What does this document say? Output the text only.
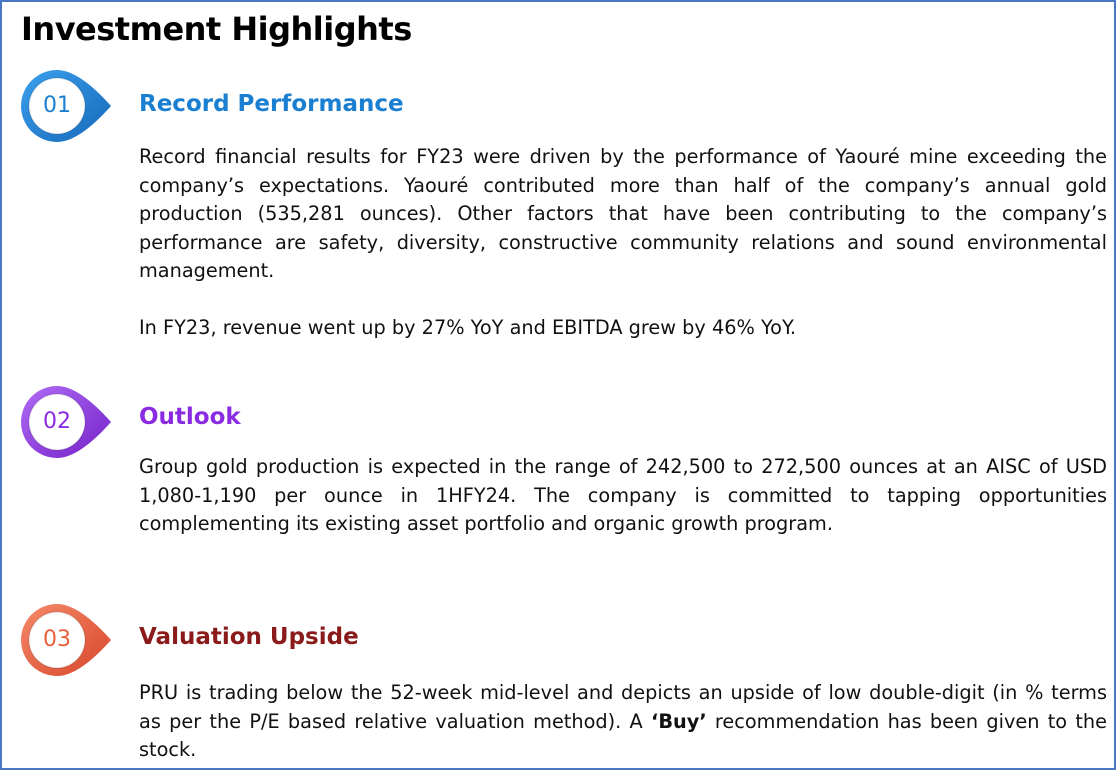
Investment Highlights
01	Record Performance

Record financial results for FY23 were driven by the performance of Yaouré mine exceeding the company’s expectations. Yaouré contributed more than half of the company’s annual gold production (535,281 ounces). Other factors that have been contributing to the company’s performance are safety, diversity, constructive community relations and sound environmental management.

In FY23, revenue went up by 27% YoY and EBITDA grew by 46% YoY.

02	Outlook

Group gold production is expected in the range of 242,500 to 272,500 ounces at an AISC of USD 1,080-1,190 per ounce in 1HFY24. The company is committed to tapping opportunities complementing its existing asset portfolio and organic growth program.

03	Valuation Upside

PRU is trading below the 52-week mid-level and depicts an upside of low double-digit (in % terms as per the P/E based relative valuation method). A ‘Buy’ recommendation has been given to the stock.
